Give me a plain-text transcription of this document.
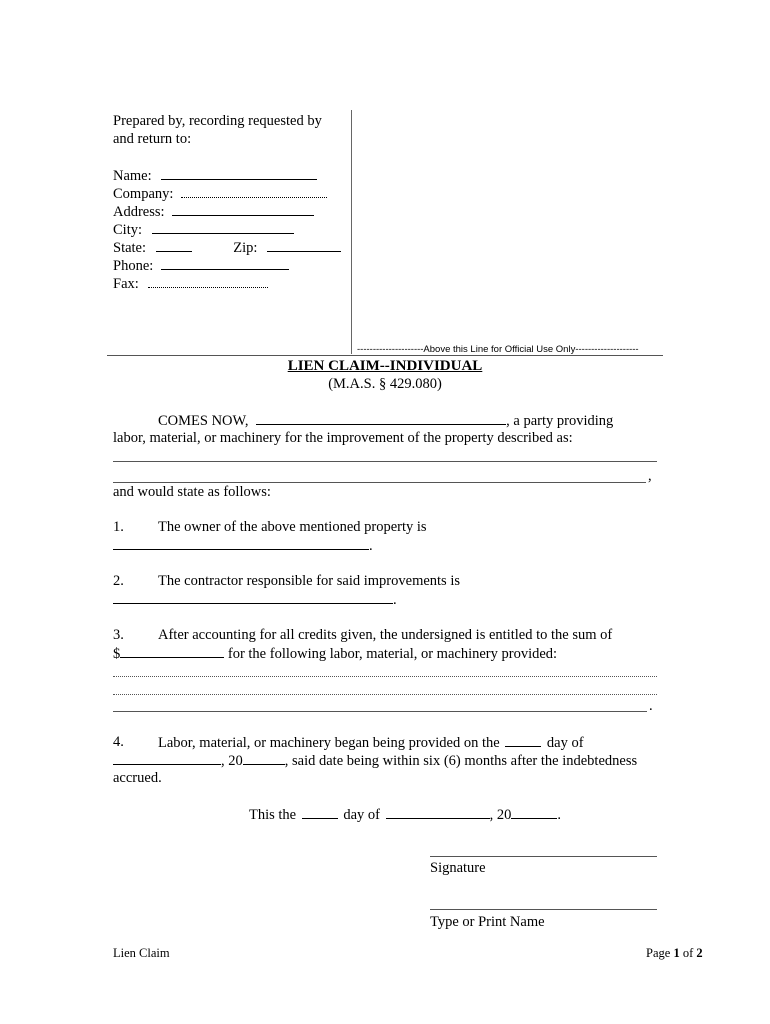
Prepared by, recording requested by
and return to:
Name:
Company:
Address:
City:
State:	Zip:
Phone:
Fax:
---------------------Above this Line for Official Use Only--------------------
LIEN CLAIM--INDIVIDUAL
(M.A.S. § 429.080)
COMES NOW,	, a party providing
labor, material, or machinery for the improvement of the property described as:
,
and would state as follows:
1. The owner of the above mentioned property is
.
2. The contractor responsible for said improvements is
.
3. After accounting for all credits given, the undersigned is entitled to the sum of
$	for the following labor, material, or machinery provided:
.
4. Labor, material, or machinery began being provided on the	day of
, 20	, said date being within six (6) months after the indebtedness
accrued.
This the	day of	, 20	.
Signature
Type or Print Name
Lien Claim	Page 1 of 2
